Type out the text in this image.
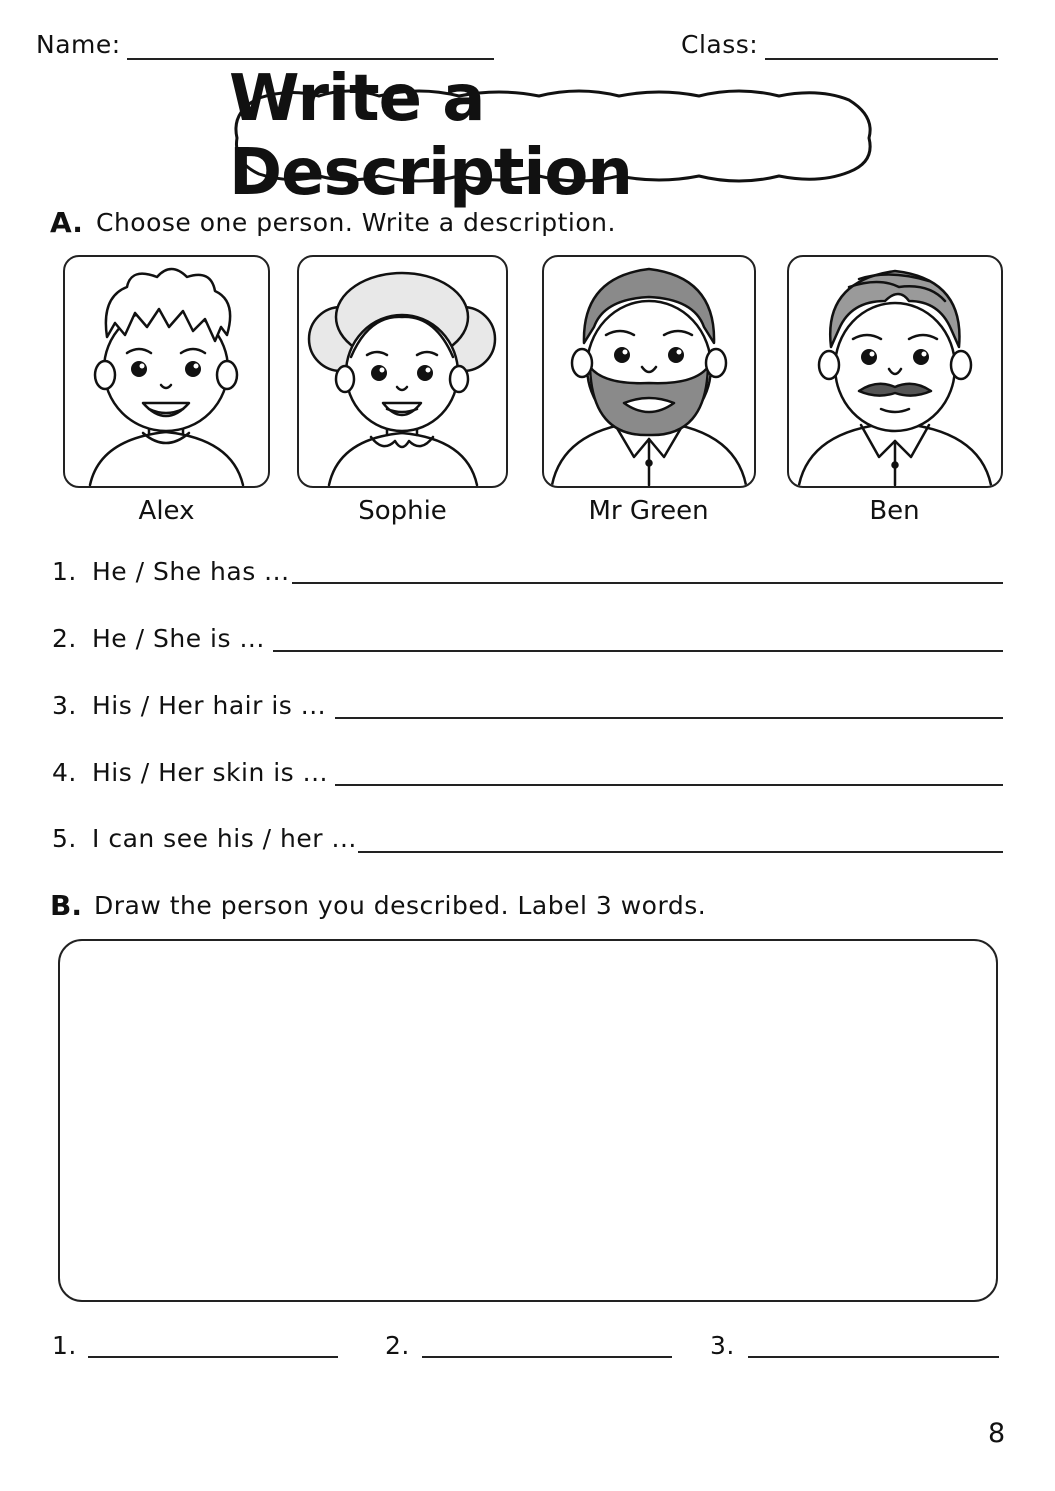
Name:	Class:
Write a Description
A. Choose one person. Write a description.
Alex	Sophie	Mr Green	Ben
1. He / She has ...
2. He / She is ...
3. His / Her hair is ...
4. His / Her skin is ...
5. I can see his / her ...
B. Draw the person you described. Label 3 words.
1.	2.	3.
8
